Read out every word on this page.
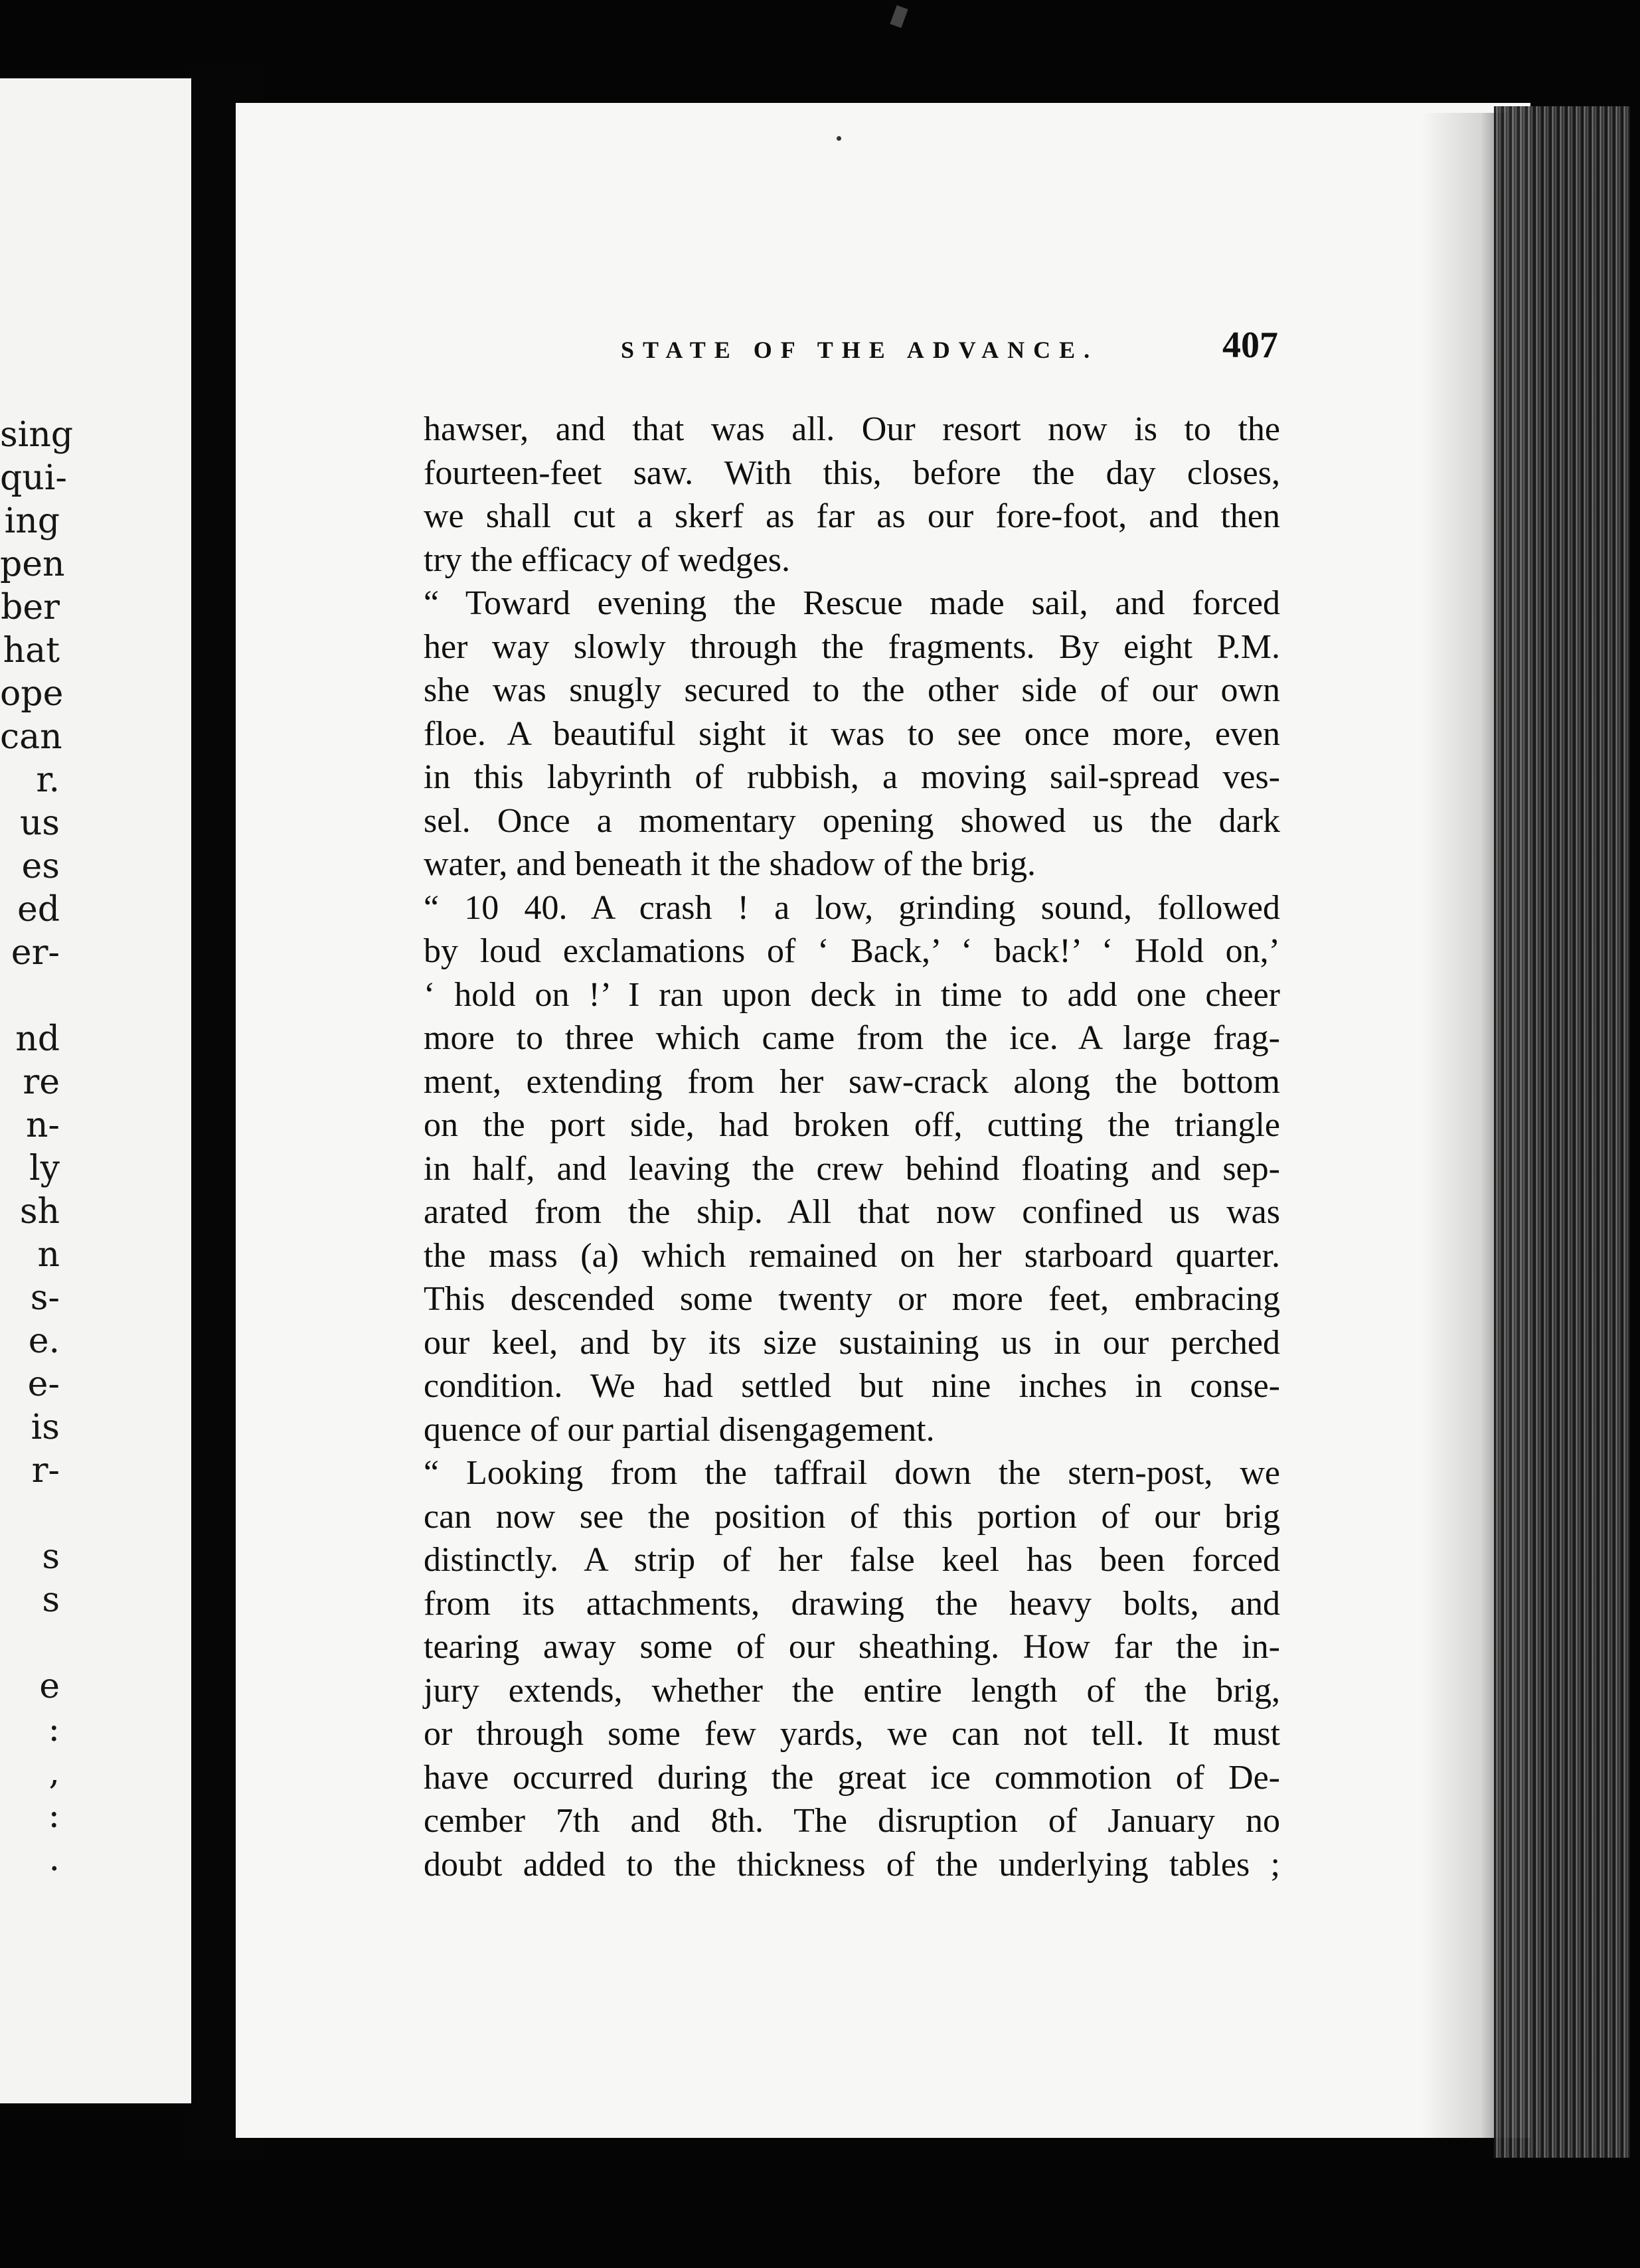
sing
qui-
ing
pen
ber
hat
ope
can
r.
us
es
ed
er-
nd
re
n-
ly
sh
n
s-
e.
e-
is
r-
s
s
e
:
,
:
.
STATE OF THE ADVANCE.	407
hawser, and that was all. Our resort now is to the
fourteen-feet saw. With this, before the day closes,
we shall cut a skerf as far as our fore-foot, and then
try the efficacy of wedges.
“ Toward evening the Rescue made sail, and forced
her way slowly through the fragments. By eight P.M.
she was snugly secured to the other side of our own
floe. A beautiful sight it was to see once more, even
in this labyrinth of rubbish, a moving sail-spread ves-
sel. Once a momentary opening showed us the dark
water, and beneath it the shadow of the brig.
“ 10 40. A crash ! a low, grinding sound, followed
by loud exclamations of ‘ Back,’ ‘ back!’ ‘ Hold on,’
‘ hold on !’ I ran upon deck in time to add one cheer
more to three which came from the ice. A large frag-
ment, extending from her saw-crack along the bottom
on the port side, had broken off, cutting the triangle
in half, and leaving the crew behind floating and sep-
arated from the ship. All that now confined us was
the mass (a) which remained on her starboard quarter.
This descended some twenty or more feet, embracing
our keel, and by its size sustaining us in our perched
condition. We had settled but nine inches in conse-
quence of our partial disengagement.
“ Looking from the taffrail down the stern-post, we
can now see the position of this portion of our brig
distinctly. A strip of her false keel has been forced
from its attachments, drawing the heavy bolts, and
tearing away some of our sheathing. How far the in-
jury extends, whether the entire length of the brig,
or through some few yards, we can not tell. It must
have occurred during the great ice commotion of De-
cember 7th and 8th. The disruption of January no
doubt added to the thickness of the underlying tables ;
